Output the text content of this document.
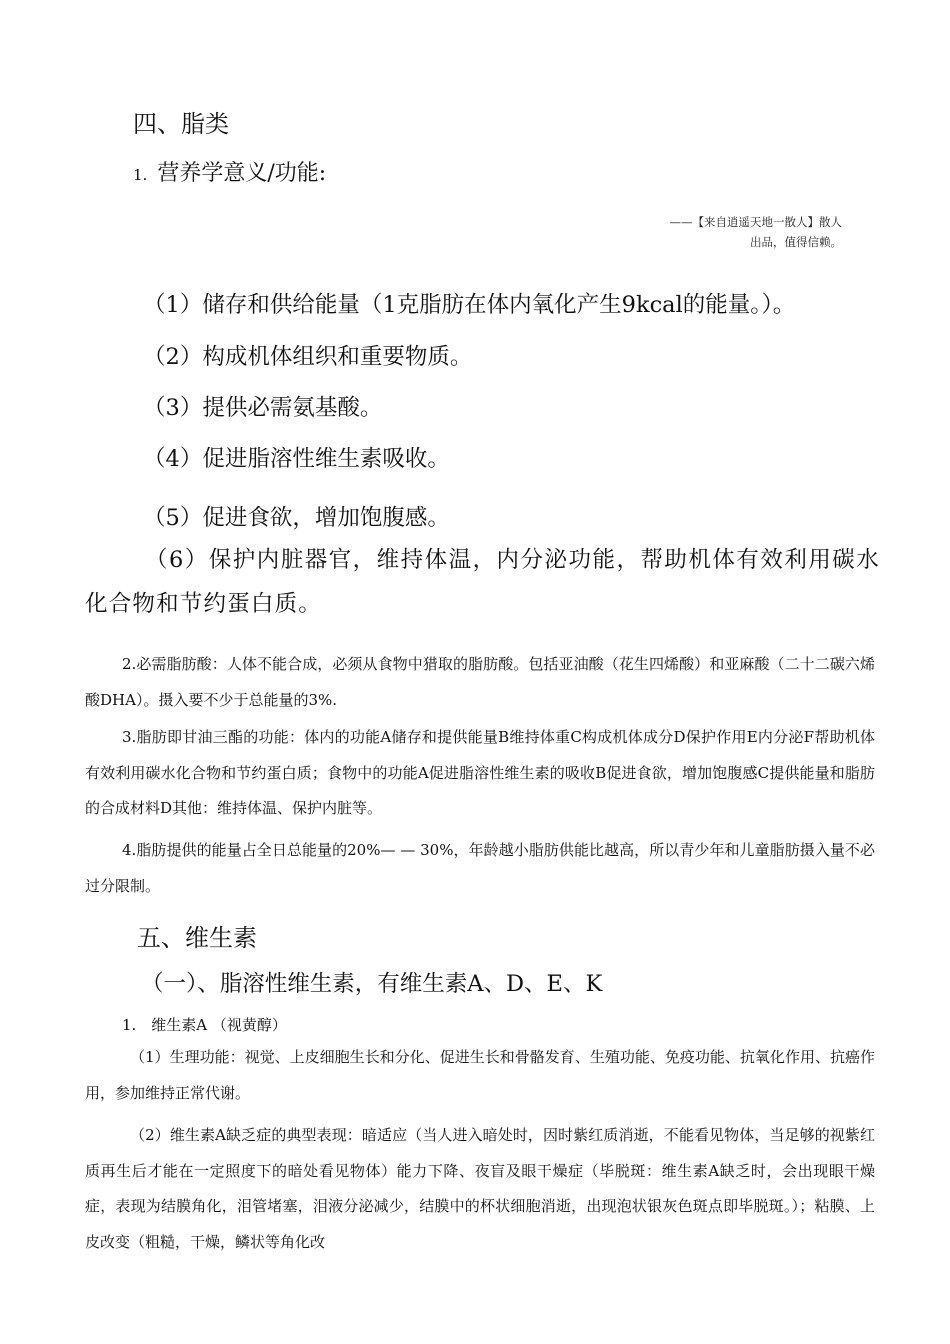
四、脂类
1. 营养学意义/功能:
——【来自逍遥天地一散人】散人
出品，值得信赖。
（1）储存和供给能量（1克脂肪在体内氧化产生9kcal的能量。）。
（2）构成机体组织和重要物质。
（3）提供必需氨基酸。
（4）促进脂溶性维生素吸收。
（5）促进食欲，增加饱腹感。
（6）保护内脏器官，维持体温，内分泌功能，帮助机体有效利用碳水化合物和节约蛋白质。
2.必需脂肪酸：人体不能合成，必须从食物中猎取的脂肪酸。包括亚油酸（花生四烯酸）和亚麻酸（二十二碳六烯酸DHA）。摄入要不少于总能量的3%.
3.脂肪即甘油三酯的功能：体内的功能A储存和提供能量B维持体重C构成机体成分D保护作用E内分泌F帮助机体有效利用碳水化合物和节约蛋白质；食物中的功能A促进脂溶性维生素的吸收B促进食欲，增加饱腹感C提供能量和脂肪的合成材料D其他：维持体温、保护内脏等。
4.脂肪提供的能量占全日总能量的20%— — 30%，年龄越小脂肪供能比越高，所以青少年和儿童脂肪摄入量不必过分限制。
五、维生素
（一）、脂溶性维生素，有维生素A、D、E、K
1.　维生素A （视黄醇）
（1）生理功能：视觉、上皮细胞生长和分化、促进生长和骨骼发育、生殖功能、免疫功能、抗氧化作用、抗癌作用，参加维持正常代谢。
（2）维生素A缺乏症的典型表现：暗适应（当人进入暗处时，因时紫红质消逝，不能看见物体，当足够的视紫红质再生后才能在一定照度下的暗处看见物体）能力下降、夜盲及眼干燥症（毕脱斑：维生素A缺乏时，会出现眼干燥症，表现为结膜角化，泪管堵塞，泪液分泌减少，结膜中的杯状细胞消逝，出现泡状银灰色斑点即毕脱斑。）；粘膜、上皮改变（粗糙，干燥，鳞状等角化改
